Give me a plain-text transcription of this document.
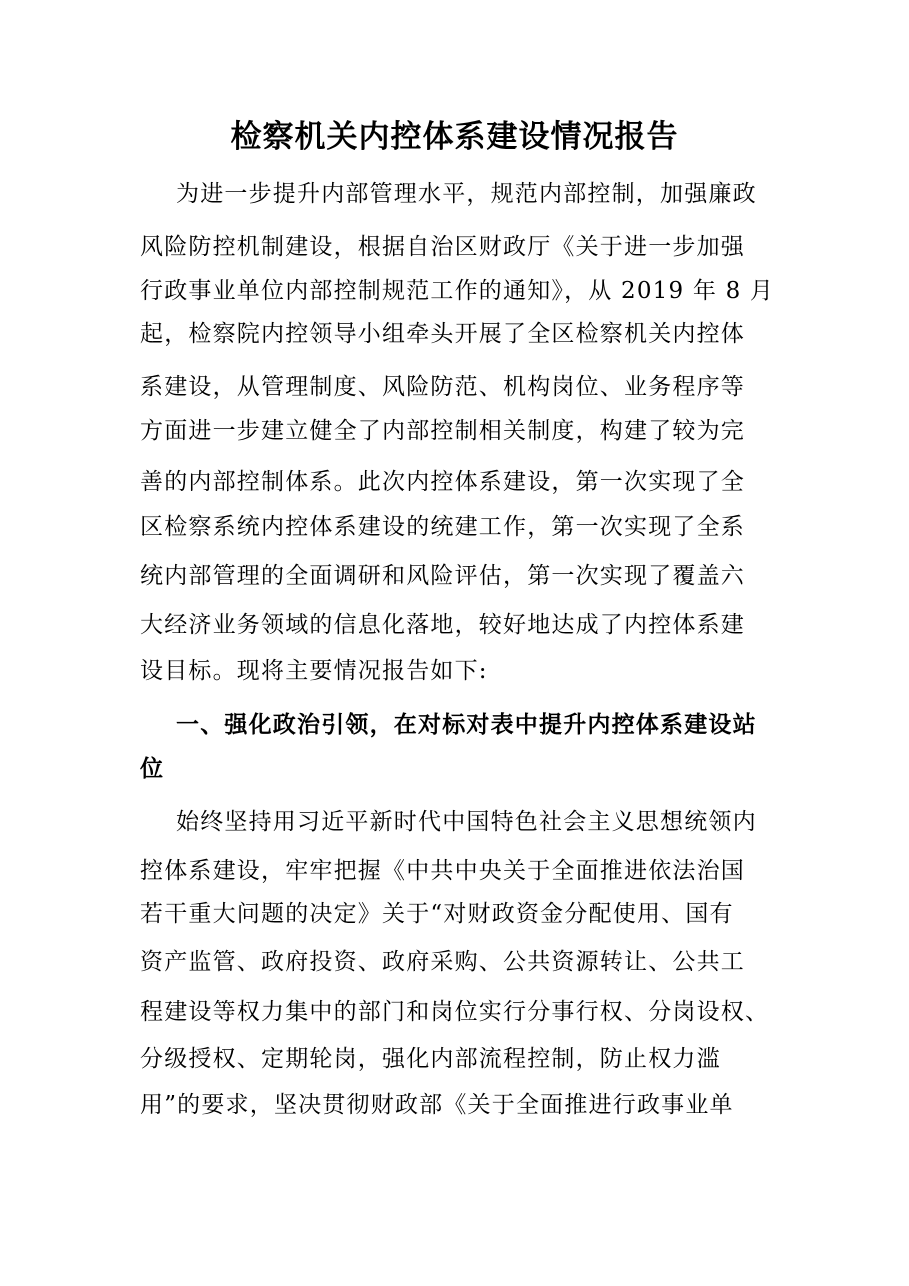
检察机关内控体系建设情况报告
为进一步提升内部管理水平，规范内部控制，加强廉政
风险防控机制建设，根据自治区财政厅《关于进一步加强
行政事业单位内部控制规范工作的通知》，从 2019 年 8 月
起，检察院内控领导小组牵头开展了全区检察机关内控体
系建设，从管理制度、风险防范、机构岗位、业务程序等
方面进一步建立健全了内部控制相关制度，构建了较为完
善的内部控制体系。此次内控体系建设，第一次实现了全
区检察系统内控体系建设的统建工作，第一次实现了全系
统内部管理的全面调研和风险评估，第一次实现了覆盖六
大经济业务领域的信息化落地，较好地达成了内控体系建
设目标。现将主要情况报告如下:
一、强化政治引领，在对标对表中提升内控体系建设站
位
始终坚持用习近平新时代中国特色社会主义思想统领内
控体系建设，牢牢把握《中共中央关于全面推进依法治国
若干重大问题的决定》关于“对财政资金分配使用、国有
资产监管、政府投资、政府采购、公共资源转让、公共工
程建设等权力集中的部门和岗位实行分事行权、分岗设权、
分级授权、定期轮岗，强化内部流程控制，防止权力滥
用”的要求，坚决贯彻财政部《关于全面推进行政事业单
